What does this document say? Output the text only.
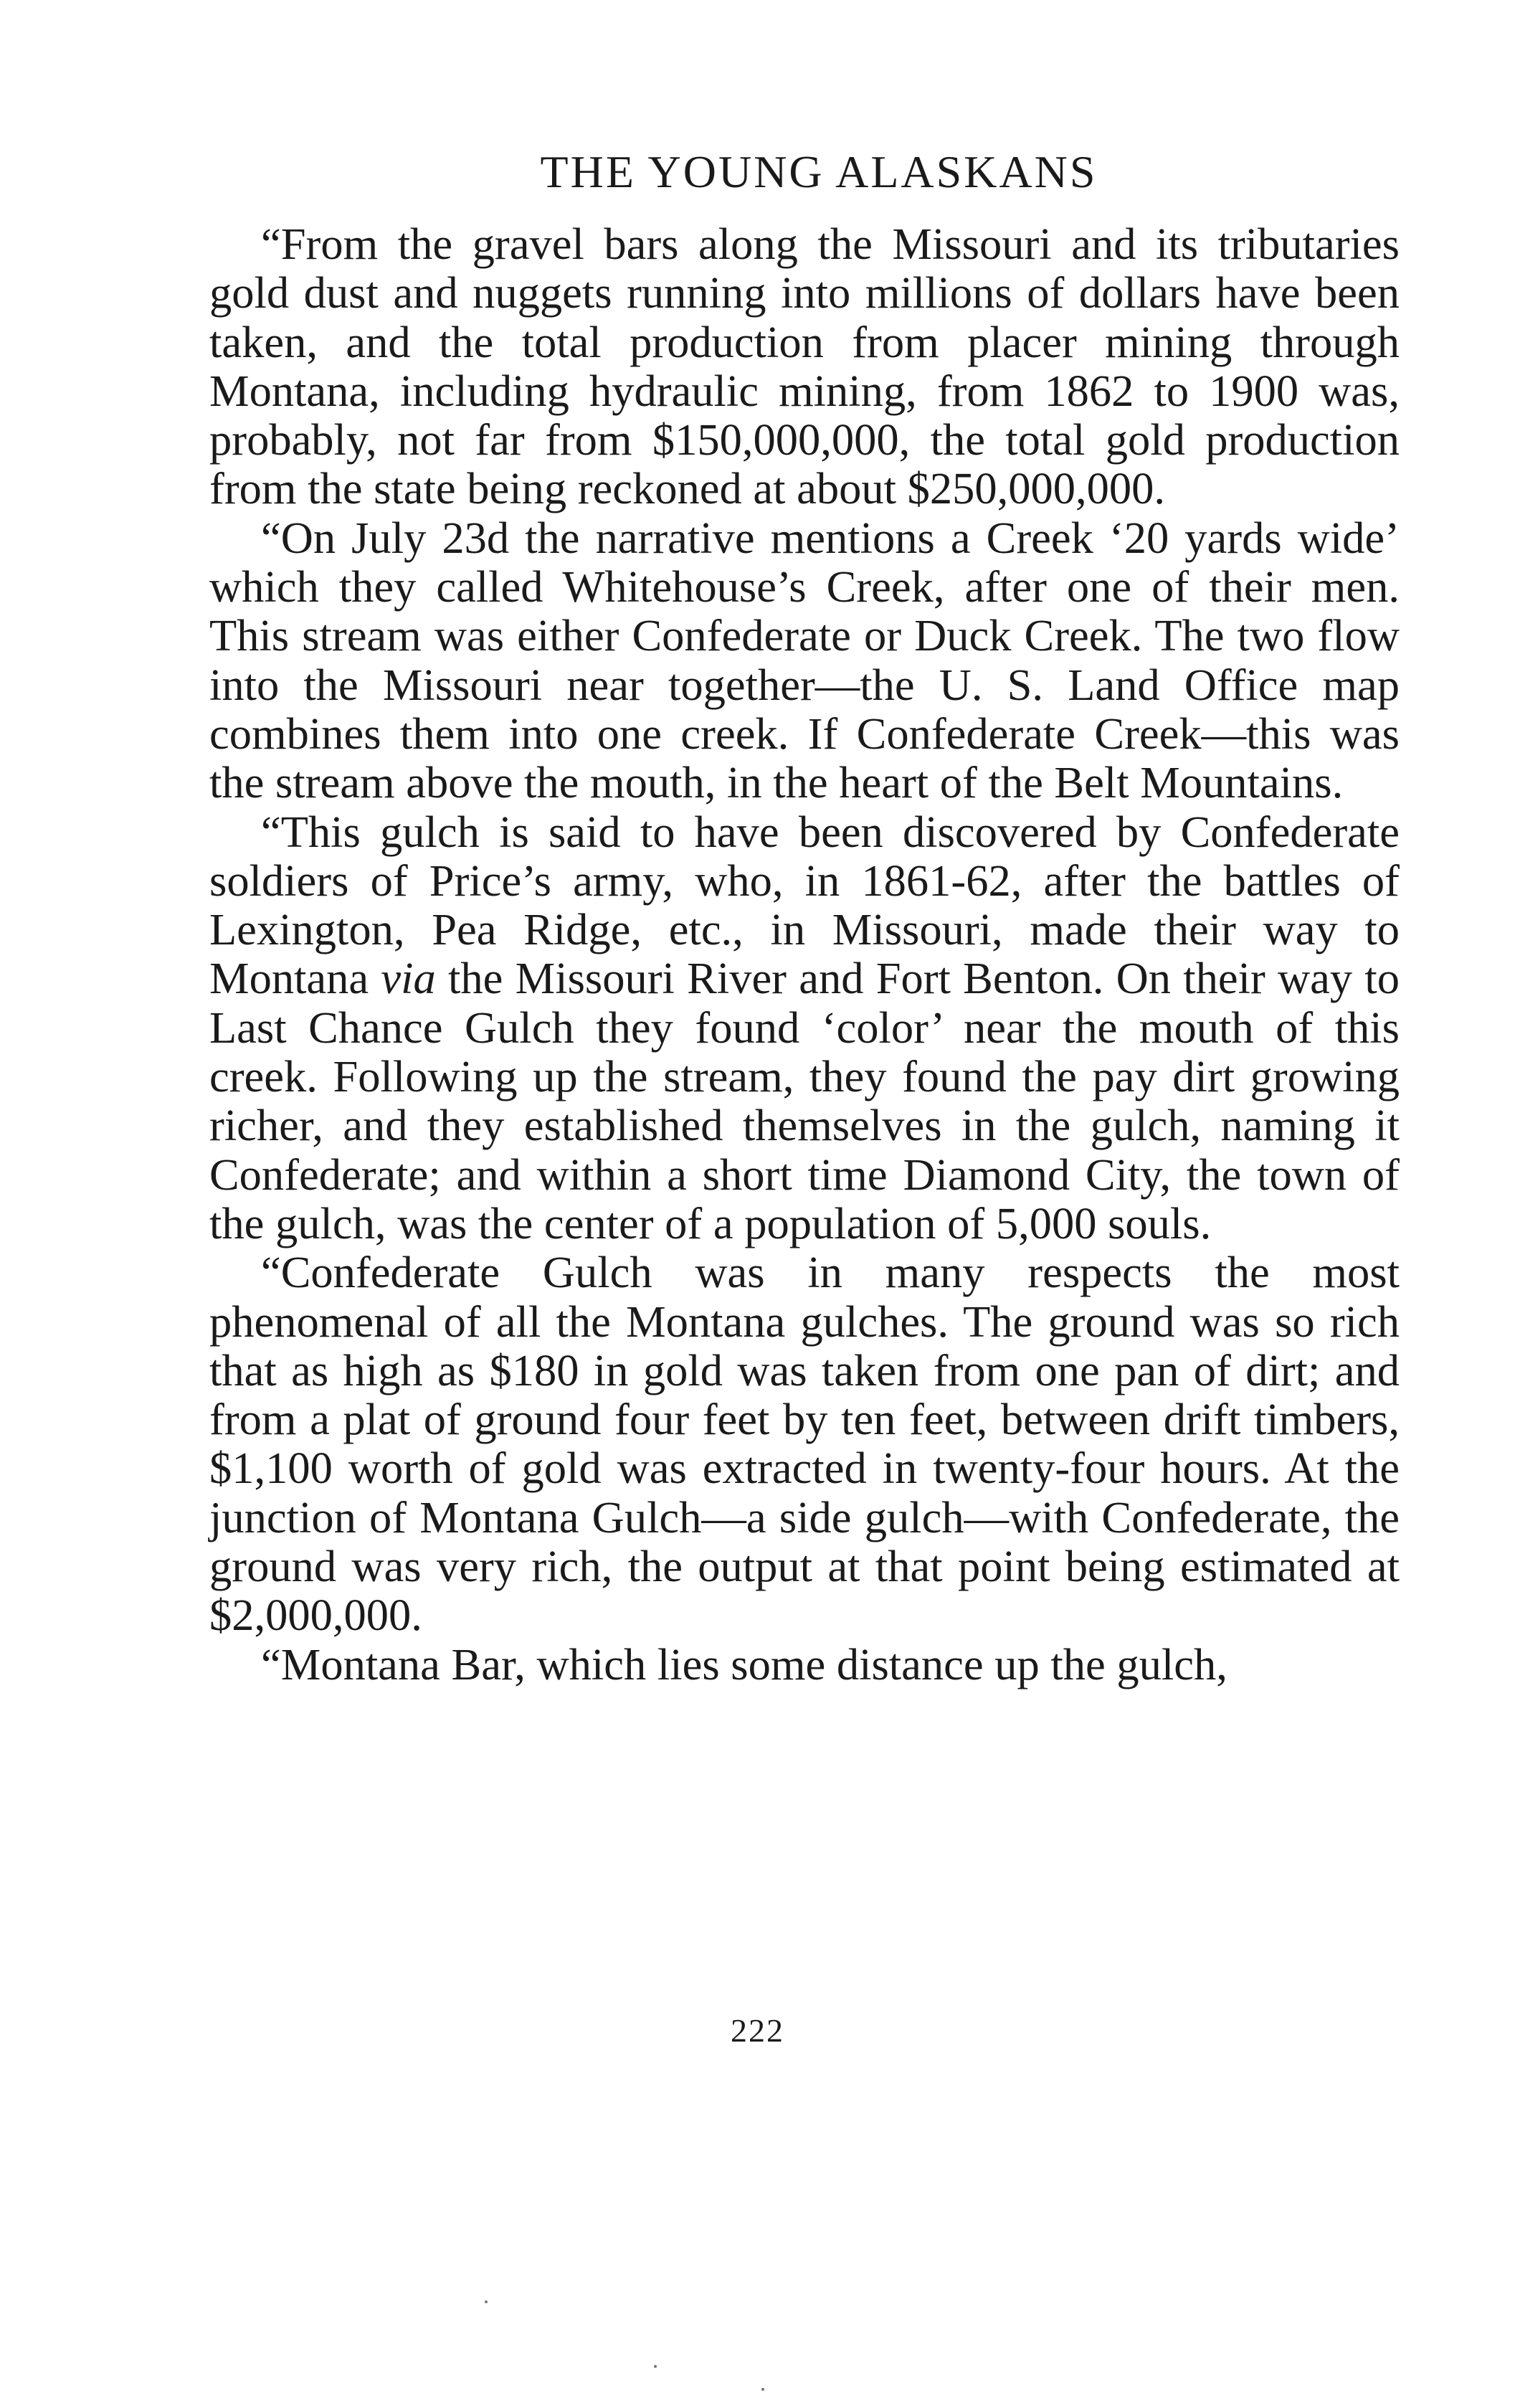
THE YOUNG ALASKANS

“From the gravel bars along the Missouri and its tributaries gold dust and nuggets running into millions of dollars have been taken, and the total production from placer mining through Montana, including hydraulic mining, from 1862 to 1900 was, probably, not far from $150,000,000, the total gold production from the state being reckoned at about $250,000,000.

“On July 23d the narrative mentions a Creek ‘20 yards wide’ which they called Whitehouse’s Creek, after one of their men. This stream was either Confederate or Duck Creek. The two flow into the Missouri near together—the U. S. Land Office map combines them into one creek. If Confederate Creek—this was the stream above the mouth, in the heart of the Belt Mountains.

“This gulch is said to have been discovered by Confederate soldiers of Price’s army, who, in 1861-62, after the battles of Lexington, Pea Ridge, etc., in Missouri, made their way to Montana via the Missouri River and Fort Benton. On their way to Last Chance Gulch they found ‘color’ near the mouth of this creek. Following up the stream, they found the pay dirt growing richer, and they established themselves in the gulch, naming it Confederate; and within a short time Diamond City, the town of the gulch, was the center of a population of 5,000 souls.

“Confederate Gulch was in many respects the most phenomenal of all the Montana gulches. The ground was so rich that as high as $180 in gold was taken from one pan of dirt; and from a plat of ground four feet by ten feet, between drift timbers, $1,100 worth of gold was extracted in twenty-four hours. At the junction of Montana Gulch—a side gulch—with Confederate, the ground was very rich, the output at that point being estimated at $2,000,000.

“Montana Bar, which lies some distance up the gulch,

222
